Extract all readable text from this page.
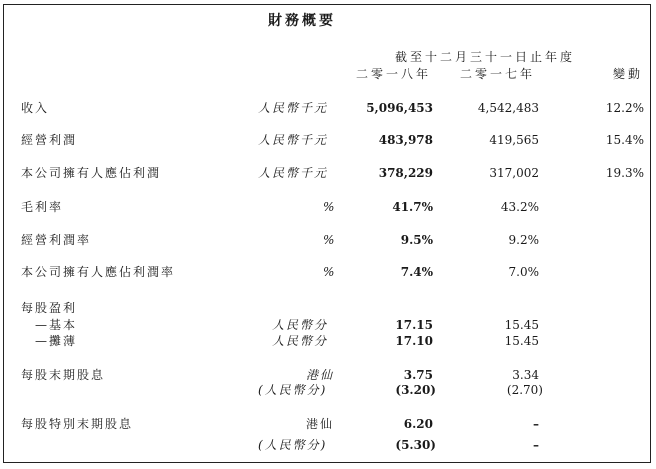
財務概要
截至十二月三十一日止年度
二零一八年 二零一七年	變動
收入	人民幣千元	5,096,453	4,542,483	12.2%
經營利潤	人民幣千元	483,978	419,565	15.4%
本公司擁有人應佔利潤	人民幣千元	378,229	317,002	19.3%
毛利率	%	41.7%	43.2%
經營利潤率	%	9.5%	9.2%
本公司擁有人應佔利潤率	%	7.4%	7.0%
每股盈利
—基本	人民幣分	17.15	15.45
—攤薄	人民幣分	17.10	15.45
每股末期股息	港仙	3.75	3.34
(人民幣分)	(3.20)	(2.70)
每股特別末期股息	港仙	6.20	–
(人民幣分)	(5.30)	–
